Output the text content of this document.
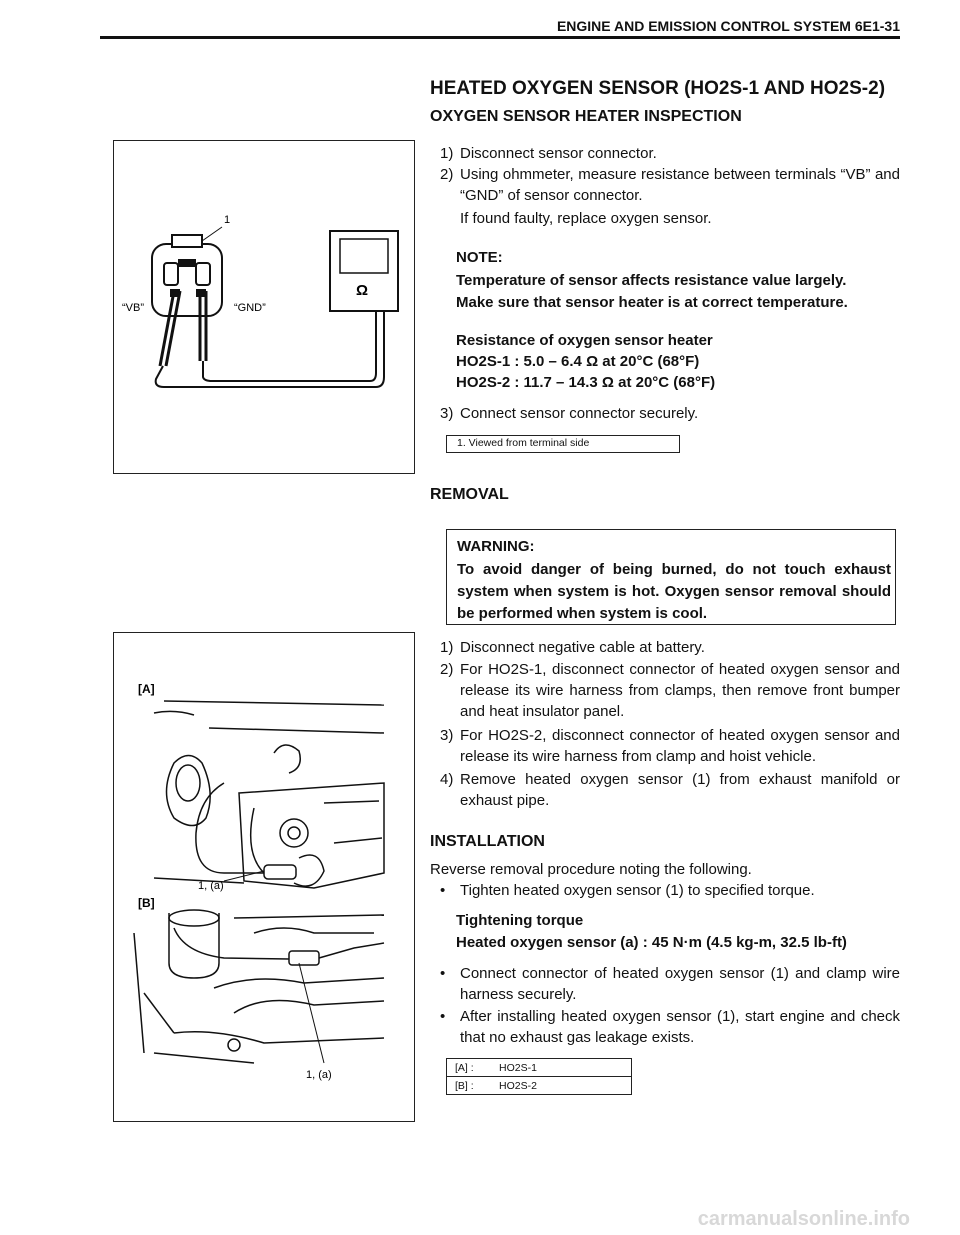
ENGINE AND EMISSION CONTROL SYSTEM 6E1-31
HEATED OXYGEN SENSOR (HO2S-1 AND HO2S-2)
OXYGEN SENSOR HEATER INSPECTION
1
“VB”	“GND”
Ω
1) Disconnect sensor connector.
2) Using ohmmeter, measure resistance between terminals “VB” and “GND” of sensor connector.
If found faulty, replace oxygen sensor.
NOTE:
Temperature of sensor affects resistance value largely.
Make sure that sensor heater is at correct temperature.
Resistance of oxygen sensor heater
HO2S-1 : 5.0 – 6.4 Ω at 20°C (68°F)
HO2S-2 : 11.7 – 14.3 Ω at 20°C (68°F)
3) Connect sensor connector securely.
1. Viewed from terminal side
REMOVAL
WARNING:
To avoid danger of being burned, do not touch exhaust system when system is hot. Oxygen sensor removal should be performed when system is cool.
[A]
1, (a)
[B]
1, (a)
1) Disconnect negative cable at battery.
2) For HO2S-1, disconnect connector of heated oxygen sensor and release its wire harness from clamps, then remove front bumper and heat insulator panel.
3) For HO2S-2, disconnect connector of heated oxygen sensor and release its wire harness from clamp and hoist vehicle.
4) Remove heated oxygen sensor (1) from exhaust manifold or exhaust pipe.
INSTALLATION
Reverse removal procedure noting the following.
• Tighten heated oxygen sensor (1) to specified torque.
Tightening torque
Heated oxygen sensor (a) : 45 N·m (4.5 kg-m, 32.5 lb-ft)
• Connect connector of heated oxygen sensor (1) and clamp wire harness securely.
• After installing heated oxygen sensor (1), start engine and check that no exhaust gas leakage exists.
[A] :	HO2S-1
[B] :	HO2S-2
carmanualsonline.info
